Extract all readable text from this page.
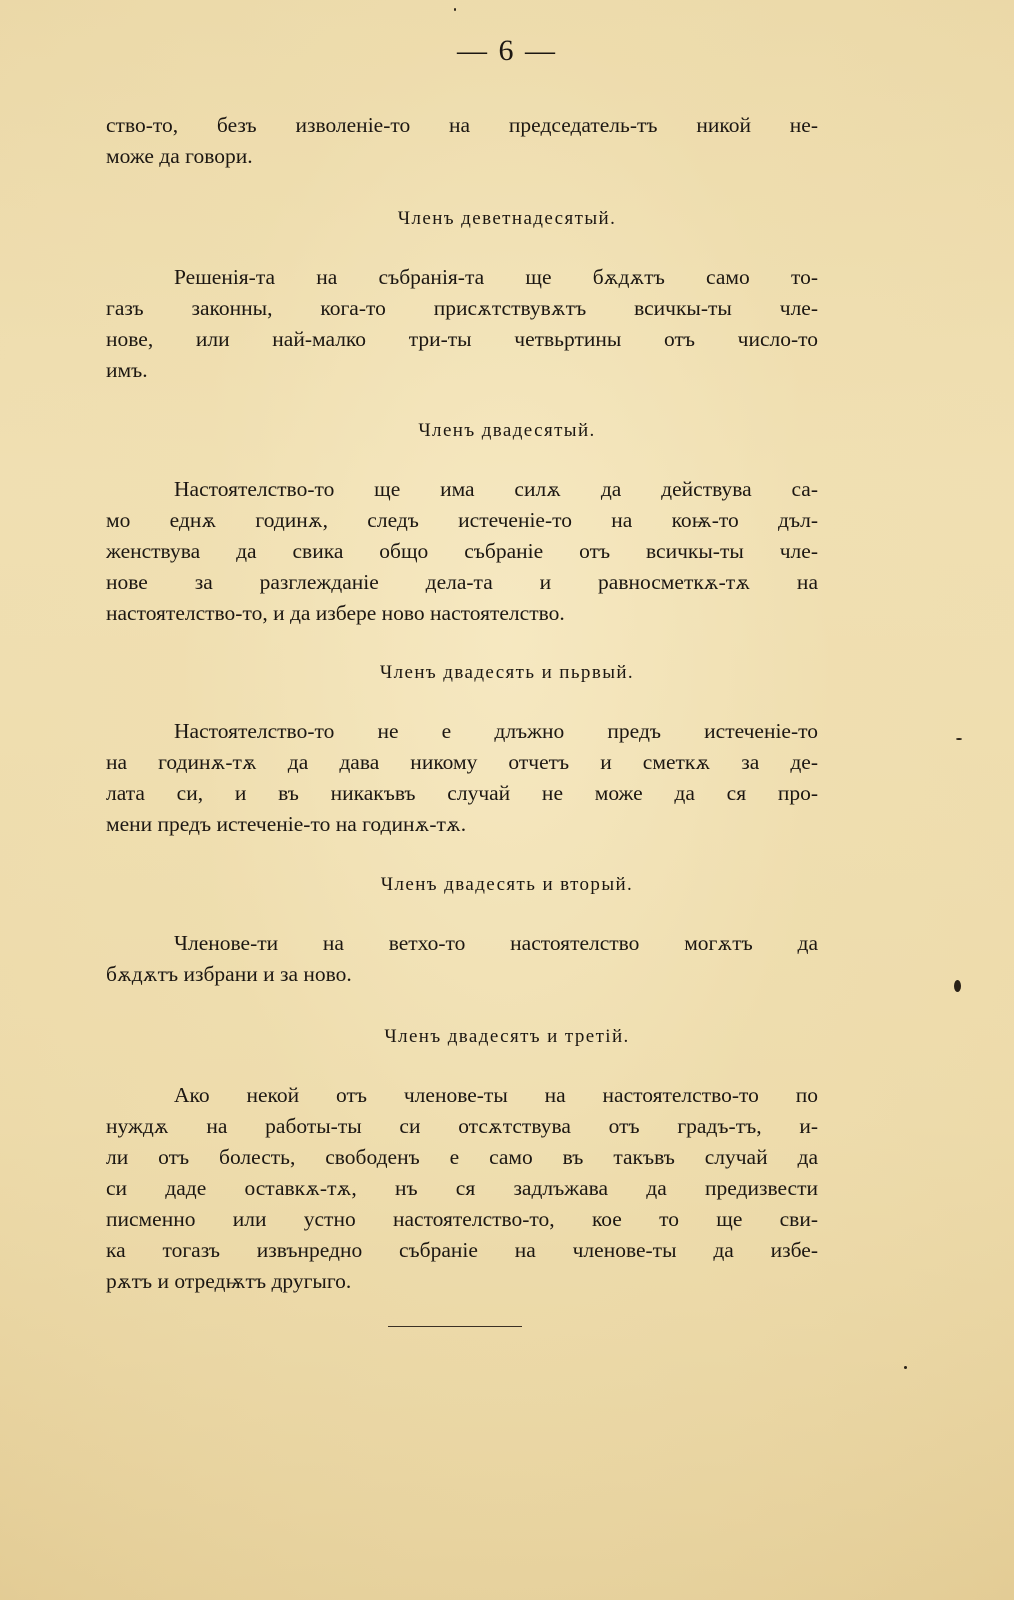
— 6 —
ство-то, безъ изволеніе-то на председатель-тъ никой не-
може да говори.
Членъ деветнадесятый.
Решенія-та на събранія-та ще бѫдѫтъ само то-
газъ законны, кога-то присѫтствувѫтъ всичкы-ты чле-
нове, или най-малко три-ты четвьртины отъ число-то
имъ.
Членъ двадесятый.
Настоятелство-то ще има силѫ да действува са-
мо еднѫ годинѫ, следъ истеченіе-то на коѭ-то дъл-
женствува да свика общо събраніе отъ всичкы-ты чле-
нове за разглежданіе дела-та и равносметкѫ-тѫ на
настоятелство-то, и да избере ново настоятелство.
Членъ двадесять и пьрвый.
Настоятелство-то не е длъжно предъ истеченіе-то
на годинѫ-тѫ да дава никому отчетъ и сметкѫ за де-
лата си, и въ никакъвъ случай не може да ся про-
мени предъ истеченіе-то на годинѫ-тѫ.
Членъ двадесять и вторый.
Членове-ти на ветхо-то настоятелство могѫтъ да
бѫдѫтъ избрани и за ново.
Членъ двадесятъ и третій.
Ако некой отъ членове-ты на настоятелство-то по
нуждѫ на работы-ты си отсѫтствува отъ градъ-тъ, и-
ли отъ болесть, свободенъ е само въ такъвъ случай да
си даде оставкѫ-тѫ, нъ ся задлъжава да предизвести
писменно или устно настоятелство-то, кое то ще сви-
ка тогазъ извънредно събраніе на членове-ты да избе-
рѫтъ и отредѭтъ другыго.
